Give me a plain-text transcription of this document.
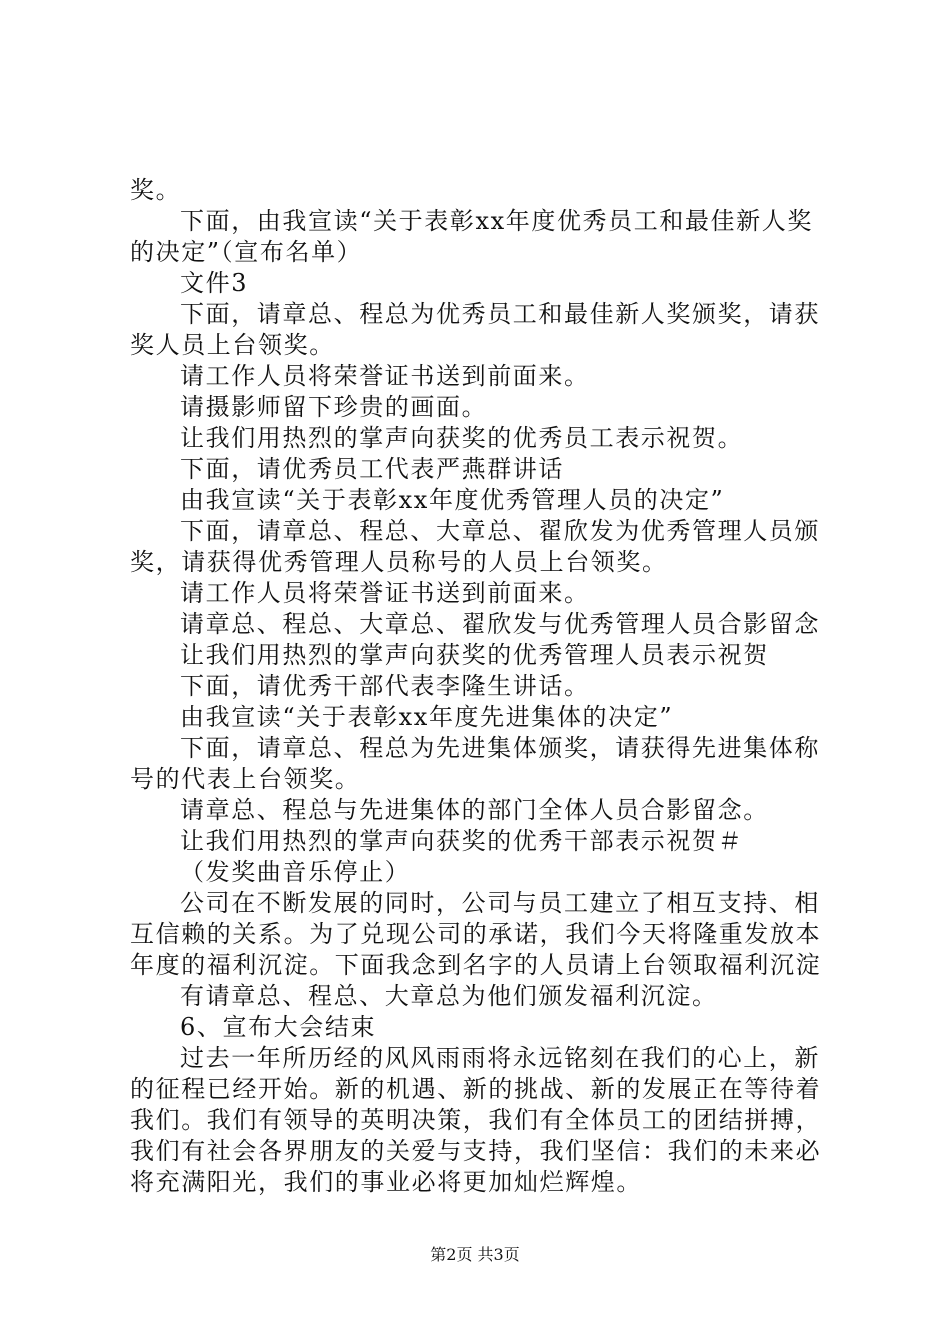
奖。
下面，由我宣读“关于表彰xx年度优秀员工和最佳新人奖
的决定”（宣布名单）
文件3
下面，请章总、程总为优秀员工和最佳新人奖颁奖，请获
奖人员上台领奖。
请工作人员将荣誉证书送到前面来。
请摄影师留下珍贵的画面。
让我们用热烈的掌声向获奖的优秀员工表示祝贺。
下面，请优秀员工代表严燕群讲话
由我宣读“关于表彰xx年度优秀管理人员的决定”
下面，请章总、程总、大章总、翟欣发为优秀管理人员颁
奖，请获得优秀管理人员称号的人员上台领奖。
请工作人员将荣誉证书送到前面来。
请章总、程总、大章总、翟欣发与优秀管理人员合影留念
让我们用热烈的掌声向获奖的优秀管理人员表示祝贺
下面，请优秀干部代表李隆生讲话。
由我宣读“关于表彰xx年度先进集体的决定”
下面，请章总、程总为先进集体颁奖，请获得先进集体称
号的代表上台领奖。
请章总、程总与先进集体的部门全体人员合影留念。
让我们用热烈的掌声向获奖的优秀干部表示祝贺＃
（发奖曲音乐停止）
公司在不断发展的同时，公司与员工建立了相互支持、相
互信赖的关系。为了兑现公司的承诺，我们今天将隆重发放本
年度的福利沉淀。下面我念到名字的人员请上台领取福利沉淀
有请章总、程总、大章总为他们颁发福利沉淀。
6、宣布大会结束
过去一年所历经的风风雨雨将永远铭刻在我们的心上，新
的征程已经开始。新的机遇、新的挑战、新的发展正在等待着
我们。我们有领导的英明决策，我们有全体员工的团结拼搏，
我们有社会各界朋友的关爱与支持，我们坚信：我们的未来必
将充满阳光，我们的事业必将更加灿烂辉煌。
第2页 共3页
